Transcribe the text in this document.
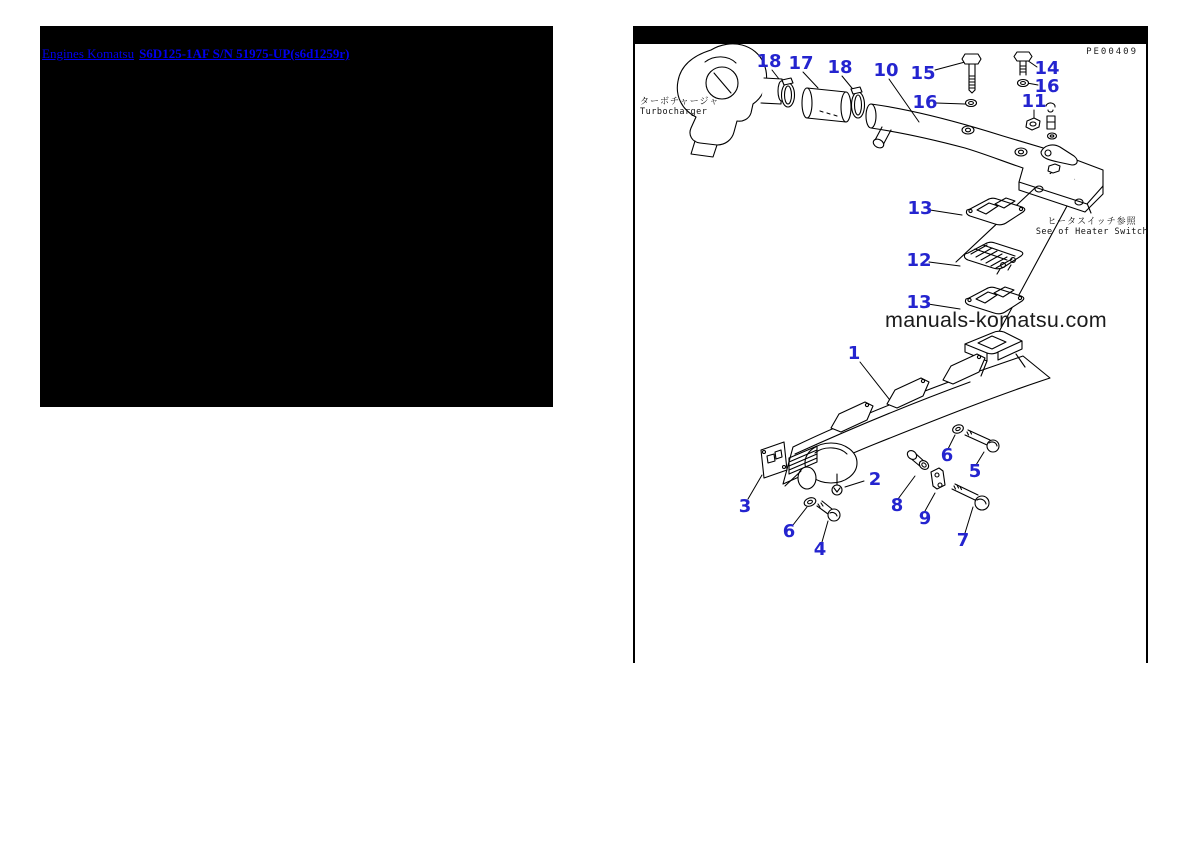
Engines Komatsu S6D125-1AF S/N 51975-UP(s6d1259r)	PE00409
ターボチャージャ
Turbocharger
ヒータスイッチ参照
See of Heater Switch
manuals-komatsu.com
18 17 18 10 15
16
14
16
11
13
12
13
1
3
6
4
2
8
9
7
6
5
